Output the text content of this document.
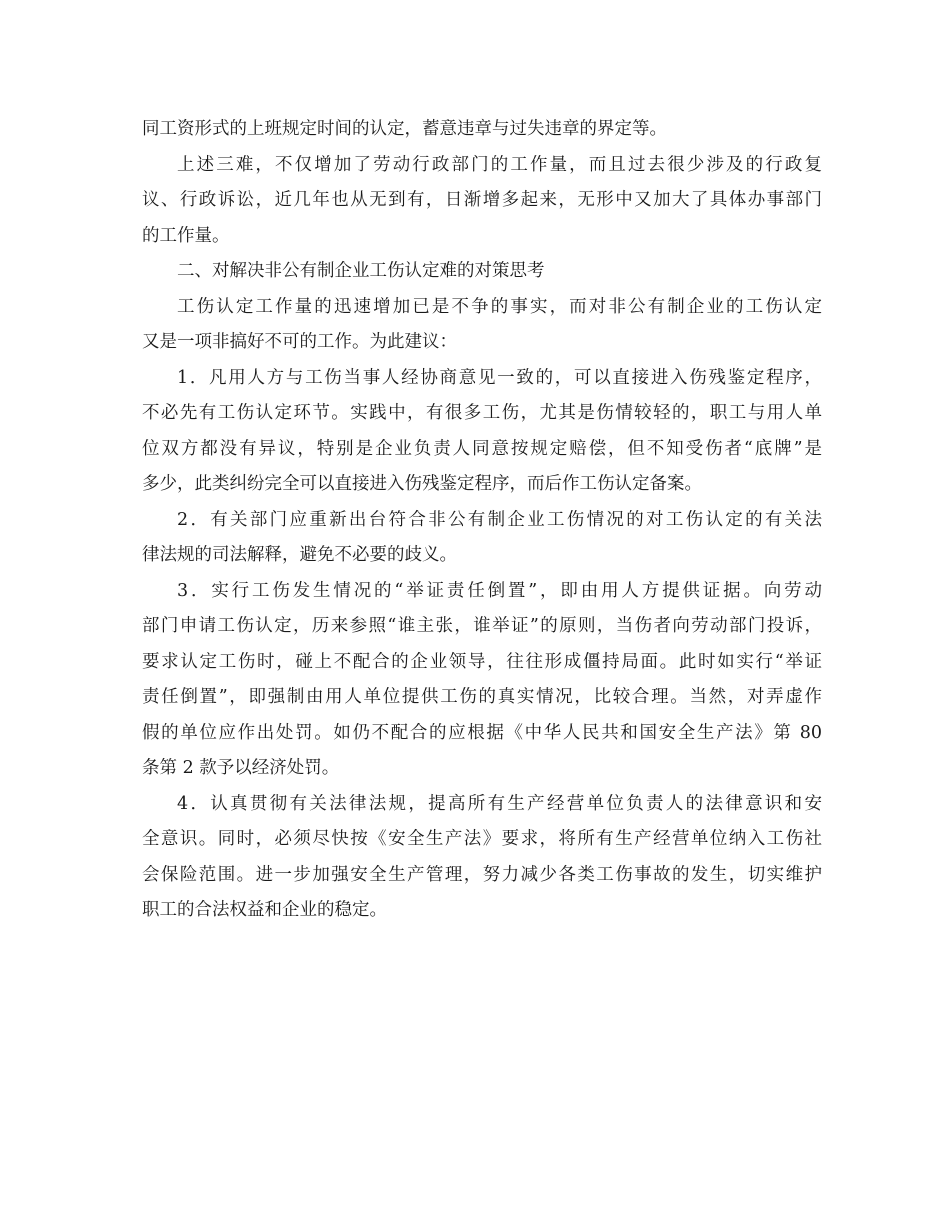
同工资形式的上班规定时间的认定，蓄意违章与过失违章的界定等。

上述三难，不仅增加了劳动行政部门的工作量，而且过去很少涉及的行政复
议、行政诉讼，近几年也从无到有，日渐增多起来，无形中又加大了具体办事部门
的工作量。

二、对解决非公有制企业工伤认定难的对策思考

工伤认定工作量的迅速增加已是不争的事实，而对非公有制企业的工伤认定
又是一项非搞好不可的工作。为此建议：

1．凡用人方与工伤当事人经协商意见一致的，可以直接进入伤残鉴定程序，
不必先有工伤认定环节。实践中，有很多工伤，尤其是伤情较轻的，职工与用人单
位双方都没有异议，特别是企业负责人同意按规定赔偿，但不知受伤者“底牌”是
多少，此类纠纷完全可以直接进入伤残鉴定程序，而后作工伤认定备案。

2．有关部门应重新出台符合非公有制企业工伤情况的对工伤认定的有关法
律法规的司法解释，避免不必要的歧义。

3．实行工伤发生情况的“举证责任倒置”，即由用人方提供证据。向劳动
部门申请工伤认定，历来参照“谁主张，谁举证”的原则，当伤者向劳动部门投诉，
要求认定工伤时，碰上不配合的企业领导，往往形成僵持局面。此时如实行“举证
责任倒置”，即强制由用人单位提供工伤的真实情况，比较合理。当然，对弄虚作
假的单位应作出处罚。如仍不配合的应根据《中华人民共和国安全生产法》第 80
条第 2 款予以经济处罚。

4．认真贯彻有关法律法规，提高所有生产经营单位负责人的法律意识和安
全意识。同时，必须尽快按《安全生产法》要求，将所有生产经营单位纳入工伤社
会保险范围。进一步加强安全生产管理，努力减少各类工伤事故的发生，切实维护
职工的合法权益和企业的稳定。
